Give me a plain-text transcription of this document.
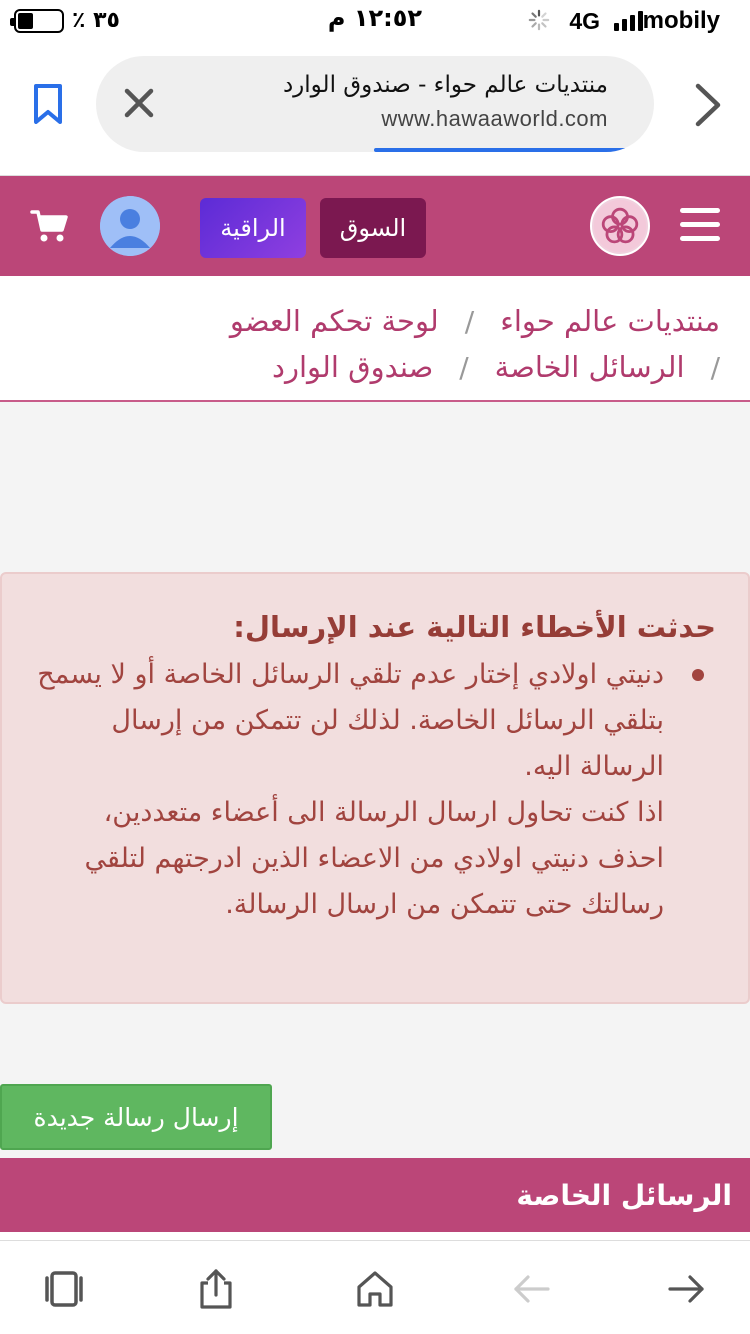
mobily
4G
١٢:٥٢ م
٪ ٣٥
منتديات عالم حواء - صندوق الوارد
www.hawaaworld.com
السوق
الراقية
منتديات عالم حواء
/
لوحة تحكم العضو
/
الرسائل الخاصة
/
صندوق الوارد
حدثت الأخطاء التالية عند الإرسال:
دنيتي اولادي إختار عدم تلقي الرسائل الخاصة أو لا يسمح بتلقي الرسائل الخاصة. لذلك لن تتمكن من إرسال الرسالة اليه.
اذا كنت تحاول ارسال الرسالة الى أعضاء متعددين، احذف دنيتي اولادي من الاعضاء الذين ادرجتهم لتلقي رسالتك حتى تتمكن من ارسال الرسالة.
إرسال رسالة جديدة
الرسائل الخاصة
